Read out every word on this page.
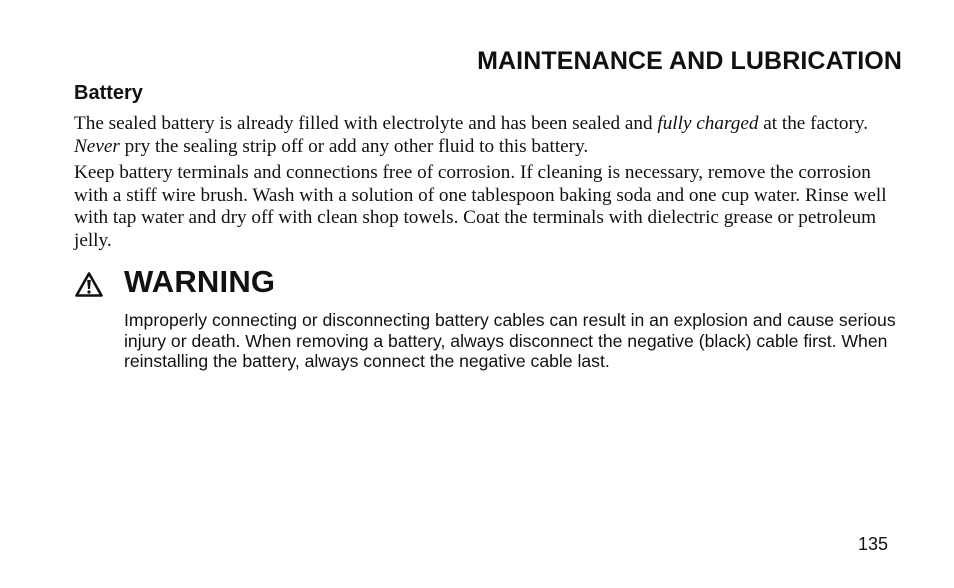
MAINTENANCE AND LUBRICATION
Battery

The sealed battery is already filled with electrolyte and has been sealed and fully charged at the factory. Never pry the sealing strip off or add any other fluid to this battery.

Keep battery terminals and connections free of corrosion. If cleaning is necessary, remove the corrosion with a stiff wire brush. Wash with a solution of one tablespoon baking soda and one cup water. Rinse well with tap water and dry off with clean shop towels. Coat the terminals with dielectric grease or petroleum jelly.

WARNING

Improperly connecting or disconnecting battery cables can result in an explosion and cause serious injury or death. When removing a battery, always disconnect the negative (black) cable first. When reinstalling the battery, always connect the negative cable last.

135
